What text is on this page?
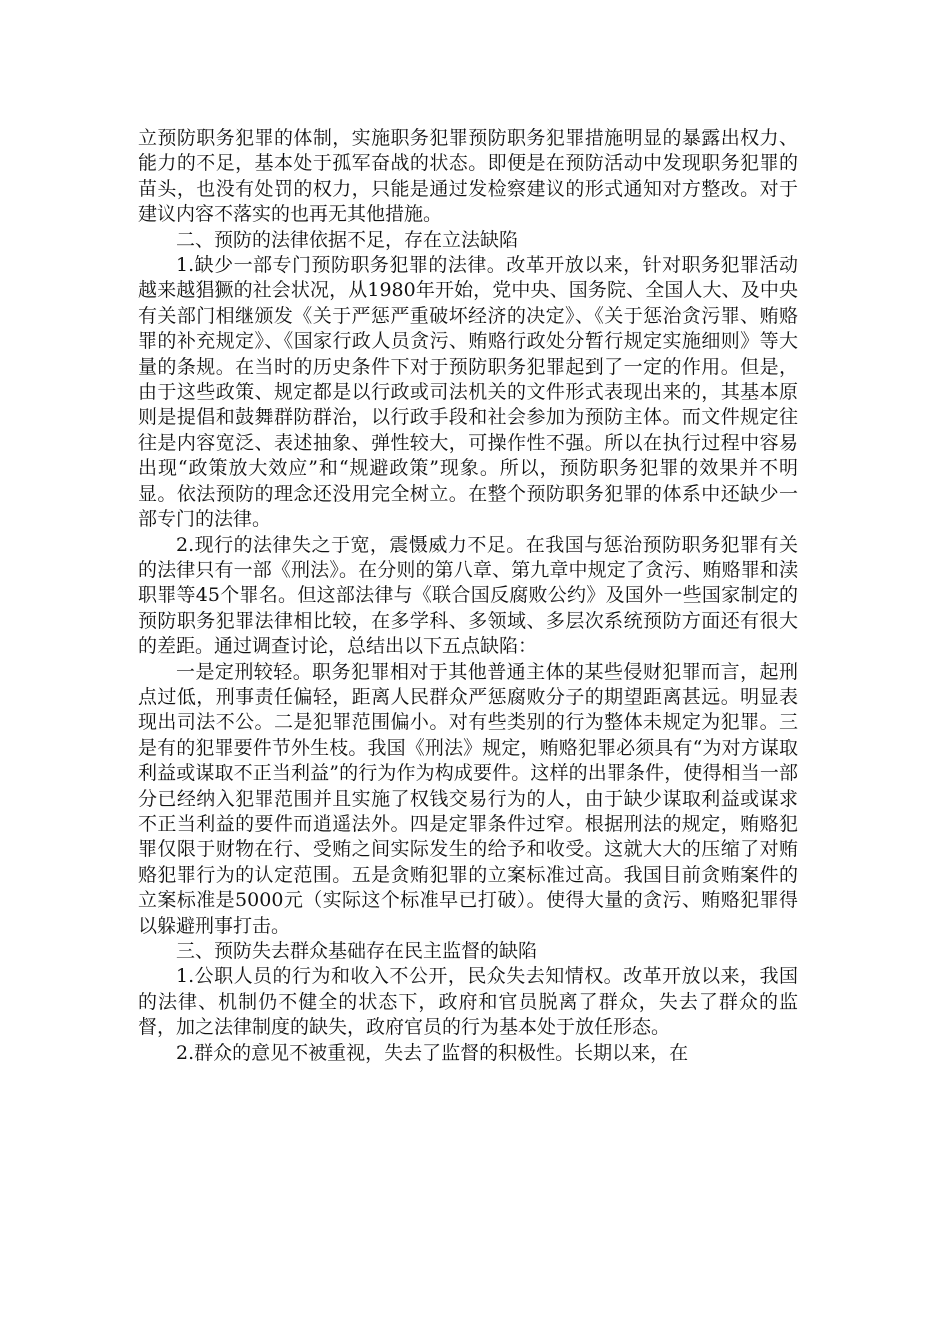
立预防职务犯罪的体制，实施职务犯罪预防职务犯罪措施明显的暴露出权力、能力的不足，基本处于孤军奋战的状态。即便是在预防活动中发现职务犯罪的苗头，也没有处罚的权力，只能是通过发检察建议的形式通知对方整改。对于建议内容不落实的也再无其他措施。

二、预防的法律依据不足，存在立法缺陷

1.缺少一部专门预防职务犯罪的法律。改革开放以来，针对职务犯罪活动越来越猖獗的社会状况，从1980年开始，党中央、国务院、全国人大、及中央有关部门相继颁发《关于严惩严重破坏经济的决定》、《关于惩治贪污罪、贿赂罪的补充规定》、《国家行政人员贪污、贿赂行政处分暂行规定实施细则》等大量的条规。在当时的历史条件下对于预防职务犯罪起到了一定的作用。但是，由于这些政策、规定都是以行政或司法机关的文件形式表现出来的，其基本原则是提倡和鼓舞群防群治，以行政手段和社会参加为预防主体。而文件规定往往是内容宽泛、表述抽象、弹性较大，可操作性不强。所以在执行过程中容易出现“政策放大效应”和“规避政策”现象。所以，预防职务犯罪的效果并不明显。依法预防的理念还没用完全树立。在整个预防职务犯罪的体系中还缺少一部专门的法律。

2.现行的法律失之于宽，震慑威力不足。在我国与惩治预防职务犯罪有关的法律只有一部《刑法》。在分则的第八章、第九章中规定了贪污、贿赂罪和渎职罪等45个罪名。但这部法律与《联合国反腐败公约》及国外一些国家制定的预防职务犯罪法律相比较，在多学科、多领域、多层次系统预防方面还有很大的差距。通过调查讨论，总结出以下五点缺陷：

一是定刑较轻。职务犯罪相对于其他普通主体的某些侵财犯罪而言，起刑点过低，刑事责任偏轻，距离人民群众严惩腐败分子的期望距离甚远。明显表现出司法不公。二是犯罪范围偏小。对有些类别的行为整体未规定为犯罪。三是有的犯罪要件节外生枝。我国《刑法》规定，贿赂犯罪必须具有“为对方谋取利益或谋取不正当利益”的行为作为构成要件。这样的出罪条件，使得相当一部分已经纳入犯罪范围并且实施了权钱交易行为的人，由于缺少谋取利益或谋求不正当利益的要件而逍遥法外。四是定罪条件过窄。根据刑法的规定，贿赂犯罪仅限于财物在行、受贿之间实际发生的给予和收受。这就大大的压缩了对贿赂犯罪行为的认定范围。五是贪贿犯罪的立案标准过高。我国目前贪贿案件的立案标准是5000元（实际这个标准早已打破）。使得大量的贪污、贿赂犯罪得以躲避刑事打击。

三、预防失去群众基础存在民主监督的缺陷

1.公职人员的行为和收入不公开，民众失去知情权。改革开放以来，我国的法律、机制仍不健全的状态下，政府和官员脱离了群众，失去了群众的监督，加之法律制度的缺失，政府官员的行为基本处于放任形态。

2.群众的意见不被重视，失去了监督的积极性。长期以来，在
